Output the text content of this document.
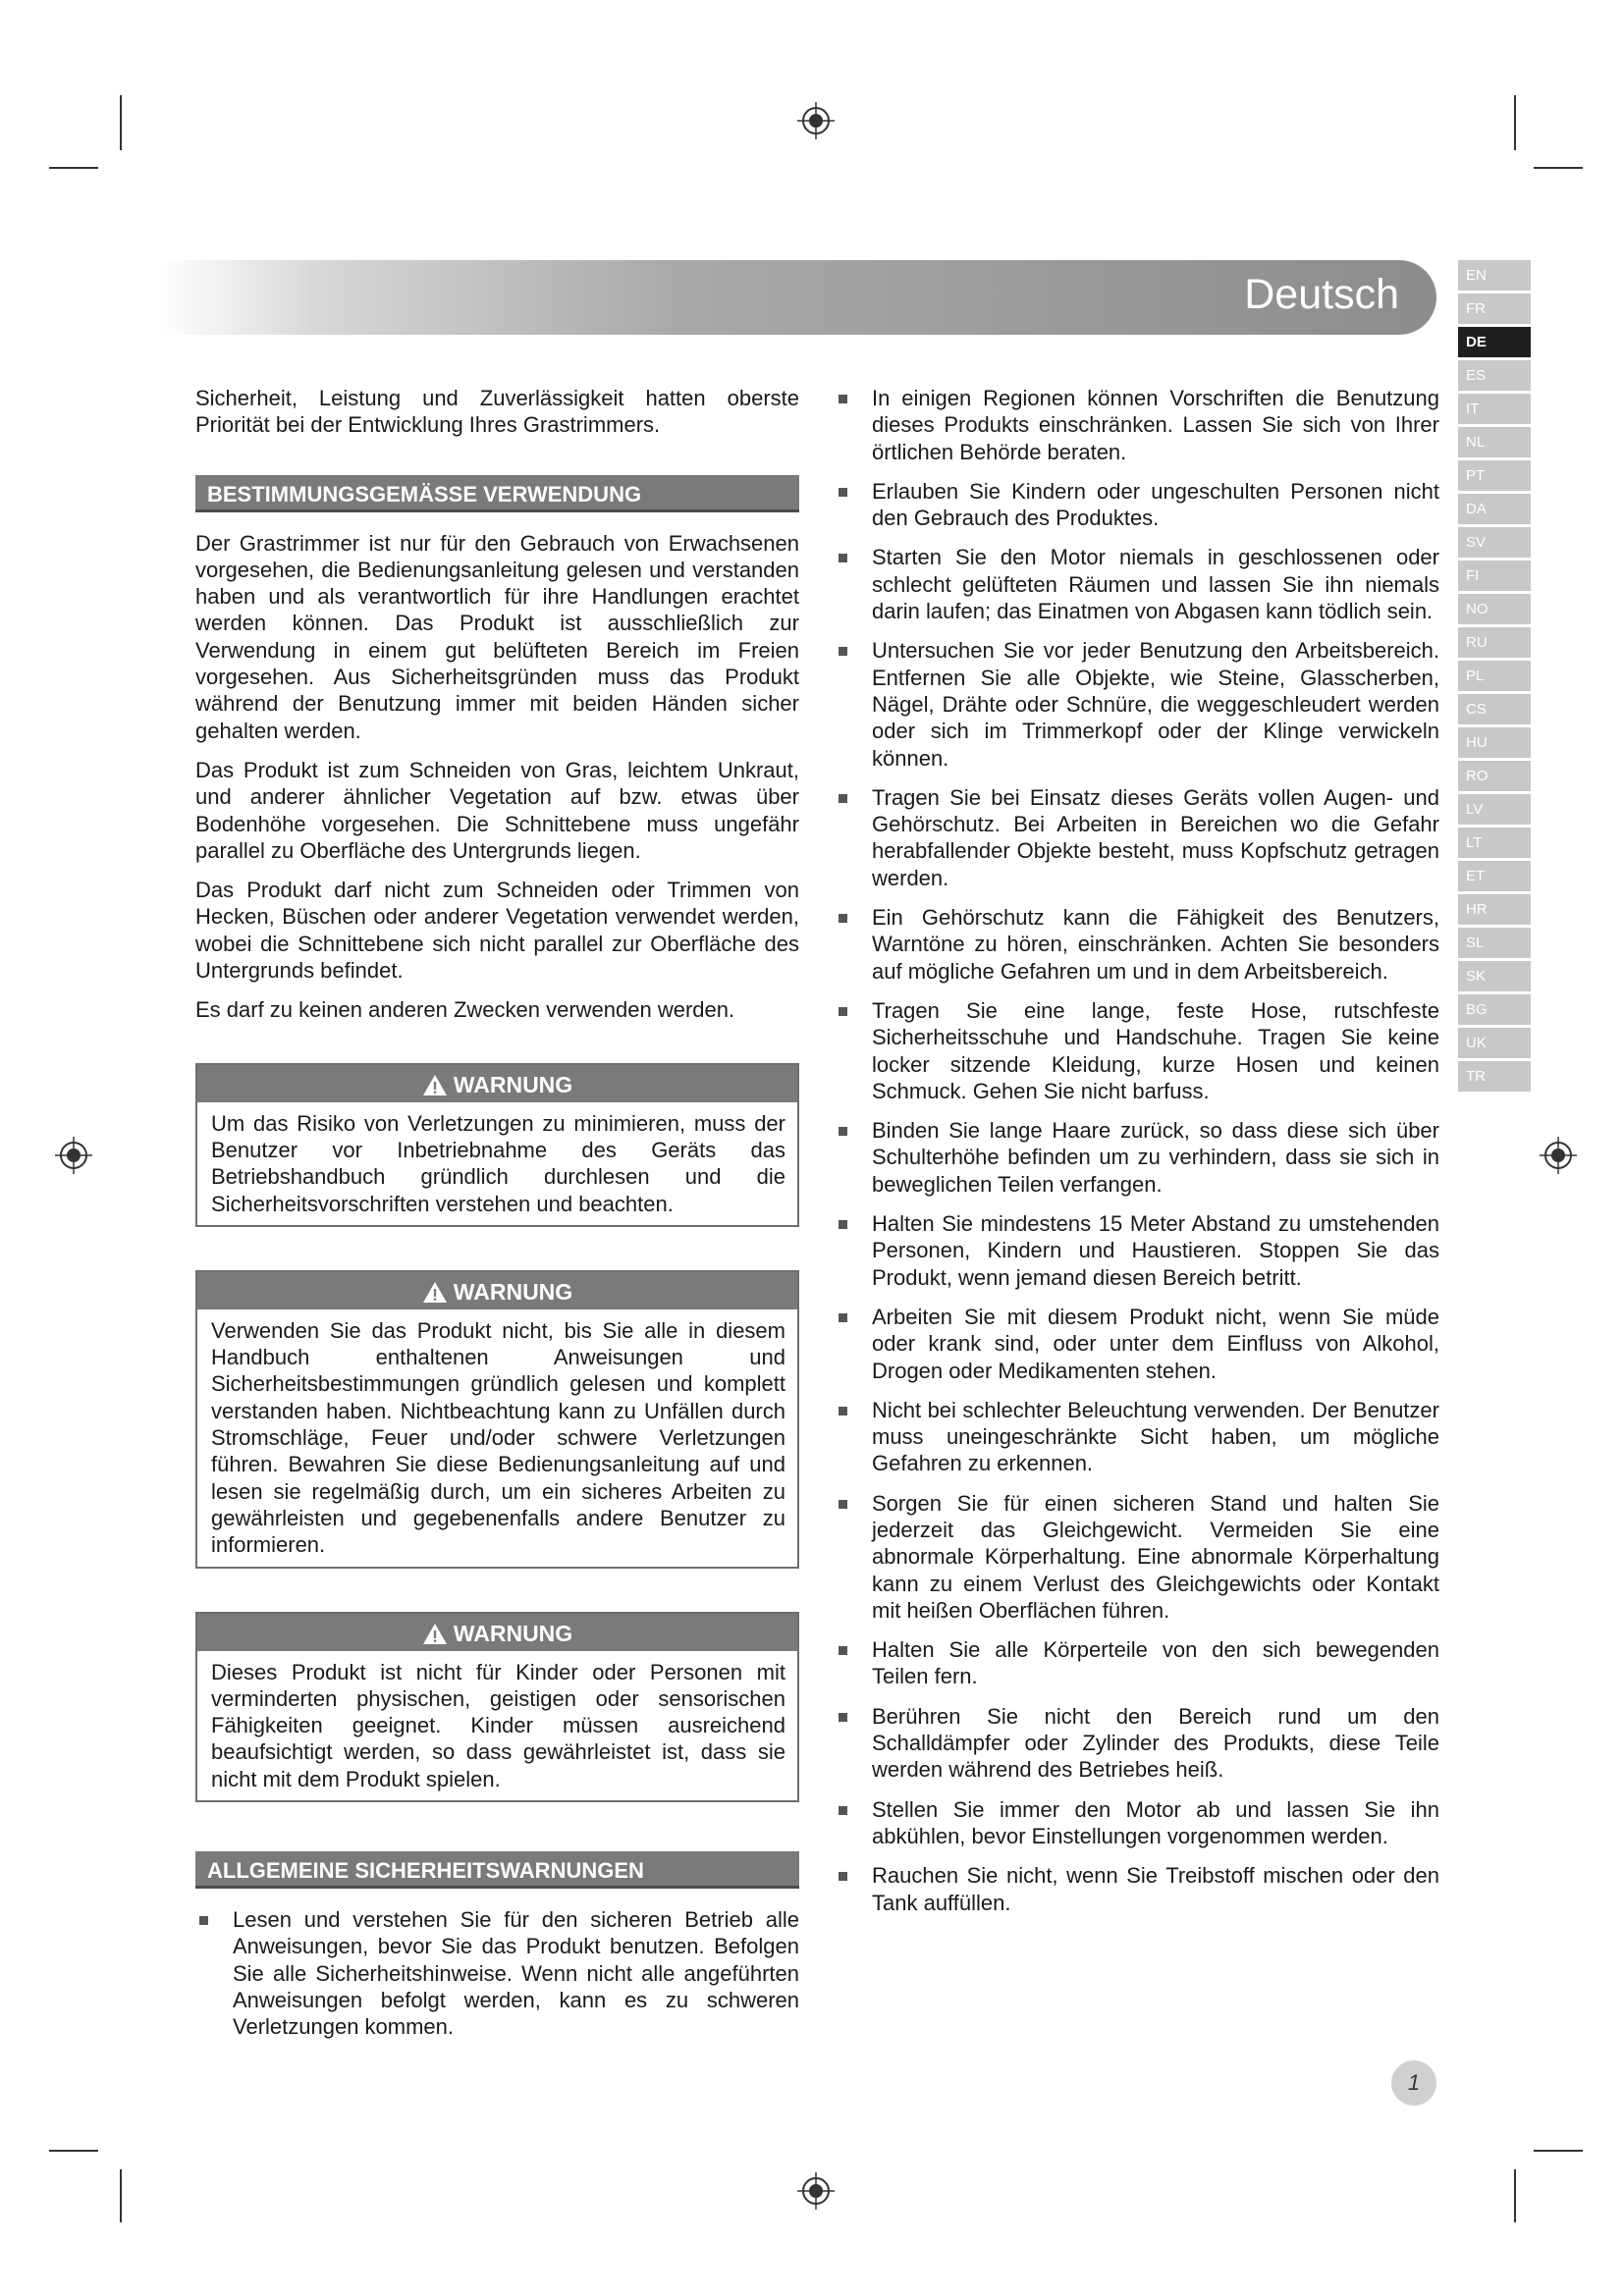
Deutsch	EN
FR
DE
ES
IT
NL
PT
DA
SV
FI
NO
RU
PL
CS
HU
RO
LV
LT
ET
HR
SL
SK
BG
UK
TR

Sicherheit, Leistung und Zuverlässigkeit hatten oberste Priorität bei der Entwicklung Ihres Grastrimmers.

BESTIMMUNGSGEMÄSSE VERWENDUNG

Der Grastrimmer ist nur für den Gebrauch von Erwachsenen vorgesehen, die Bedienungsanleitung gelesen und verstanden haben und als verantwortlich für ihre Handlungen erachtet werden können. Das Produkt ist ausschließlich zur Verwendung in einem gut belüfteten Bereich im Freien vorgesehen. Aus Sicherheitsgründen muss das Produkt während der Benutzung immer mit beiden Händen sicher gehalten werden.

Das Produkt ist zum Schneiden von Gras, leichtem Unkraut, und anderer ähnlicher Vegetation auf bzw. etwas über Bodenhöhe vorgesehen. Die Schnittebene muss ungefähr parallel zu Oberfläche des Untergrunds liegen.

Das Produkt darf nicht zum Schneiden oder Trimmen von Hecken, Büschen oder anderer Vegetation verwendet werden, wobei die Schnittebene sich nicht parallel zur Oberfläche des Untergrunds befindet.

Es darf zu keinen anderen Zwecken verwenden werden.

WARNUNG
Um das Risiko von Verletzungen zu minimieren, muss der Benutzer vor Inbetriebnahme des Geräts das Betriebshandbuch gründlich durchlesen und die Sicherheitsvorschriften verstehen und beachten.
WARNUNG
Verwenden Sie das Produkt nicht, bis Sie alle in diesem Handbuch enthaltenen Anweisungen und Sicherheitsbestimmungen gründlich gelesen und komplett verstanden haben. Nichtbeachtung kann zu Unfällen durch Stromschläge, Feuer und/oder schwere Verletzungen führen. Bewahren Sie diese Bedienungsanleitung auf und lesen sie regelmäßig durch, um ein sicheres Arbeiten zu gewährleisten und gegebenenfalls andere Benutzer zu informieren.
WARNUNG
Dieses Produkt ist nicht für Kinder oder Personen mit verminderten physischen, geistigen oder sensorischen Fähigkeiten geeignet. Kinder müssen ausreichend beaufsichtigt werden, so dass gewährleistet ist, dass sie nicht mit dem Produkt spielen.
ALLGEMEINE SICHERHEITSWARNUNGEN
Lesen und verstehen Sie für den sicheren Betrieb alle Anweisungen, bevor Sie das Produkt benutzen. Befolgen Sie alle Sicherheitshinweise. Wenn nicht alle angeführten Anweisungen befolgt werden, kann es zu schweren Verletzungen kommen.
In einigen Regionen können Vorschriften die Benutzung dieses Produkts einschränken. Lassen Sie sich von Ihrer örtlichen Behörde beraten.
Erlauben Sie Kindern oder ungeschulten Personen nicht den Gebrauch des Produktes.
Starten Sie den Motor niemals in geschlossenen oder schlecht gelüfteten Räumen und lassen Sie ihn niemals darin laufen; das Einatmen von Abgasen kann tödlich sein.
Untersuchen Sie vor jeder Benutzung den Arbeitsbereich. Entfernen Sie alle Objekte, wie Steine, Glasscherben, Nägel, Drähte oder Schnüre, die weggeschleudert werden oder sich im Trimmerkopf oder der Klinge verwickeln können.
Tragen Sie bei Einsatz dieses Geräts vollen Augen- und Gehörschutz. Bei Arbeiten in Bereichen wo die Gefahr herabfallender Objekte besteht, muss Kopfschutz getragen werden.
Ein Gehörschutz kann die Fähigkeit des Benutzers, Warntöne zu hören, einschränken. Achten Sie besonders auf mögliche Gefahren um und in dem Arbeitsbereich.
Tragen Sie eine lange, feste Hose, rutschfeste Sicherheitsschuhe und Handschuhe. Tragen Sie keine locker sitzende Kleidung, kurze Hosen und keinen Schmuck. Gehen Sie nicht barfuss.
Binden Sie lange Haare zurück, so dass diese sich über Schulterhöhe befinden um zu verhindern, dass sie sich in beweglichen Teilen verfangen.
Halten Sie mindestens 15 Meter Abstand zu umstehenden Personen, Kindern und Haustieren. Stoppen Sie das Produkt, wenn jemand diesen Bereich betritt.
Arbeiten Sie mit diesem Produkt nicht, wenn Sie müde oder krank sind, oder unter dem Einfluss von Alkohol, Drogen oder Medikamenten stehen.
Nicht bei schlechter Beleuchtung verwenden. Der Benutzer muss uneingeschränkte Sicht haben, um mögliche Gefahren zu erkennen.
Sorgen Sie für einen sicheren Stand und halten Sie jederzeit das Gleichgewicht. Vermeiden Sie eine abnormale Körperhaltung. Eine abnormale Körperhaltung kann zu einem Verlust des Gleichgewichts oder Kontakt mit heißen Oberflächen führen.
Halten Sie alle Körperteile von den sich bewegenden Teilen fern.
Berühren Sie nicht den Bereich rund um den Schalldämpfer oder Zylinder des Produkts, diese Teile werden während des Betriebes heiß.
Stellen Sie immer den Motor ab und lassen Sie ihn abkühlen, bevor Einstellungen vorgenommen werden.
Rauchen Sie nicht, wenn Sie Treibstoff mischen oder den Tank auffüllen.
1
